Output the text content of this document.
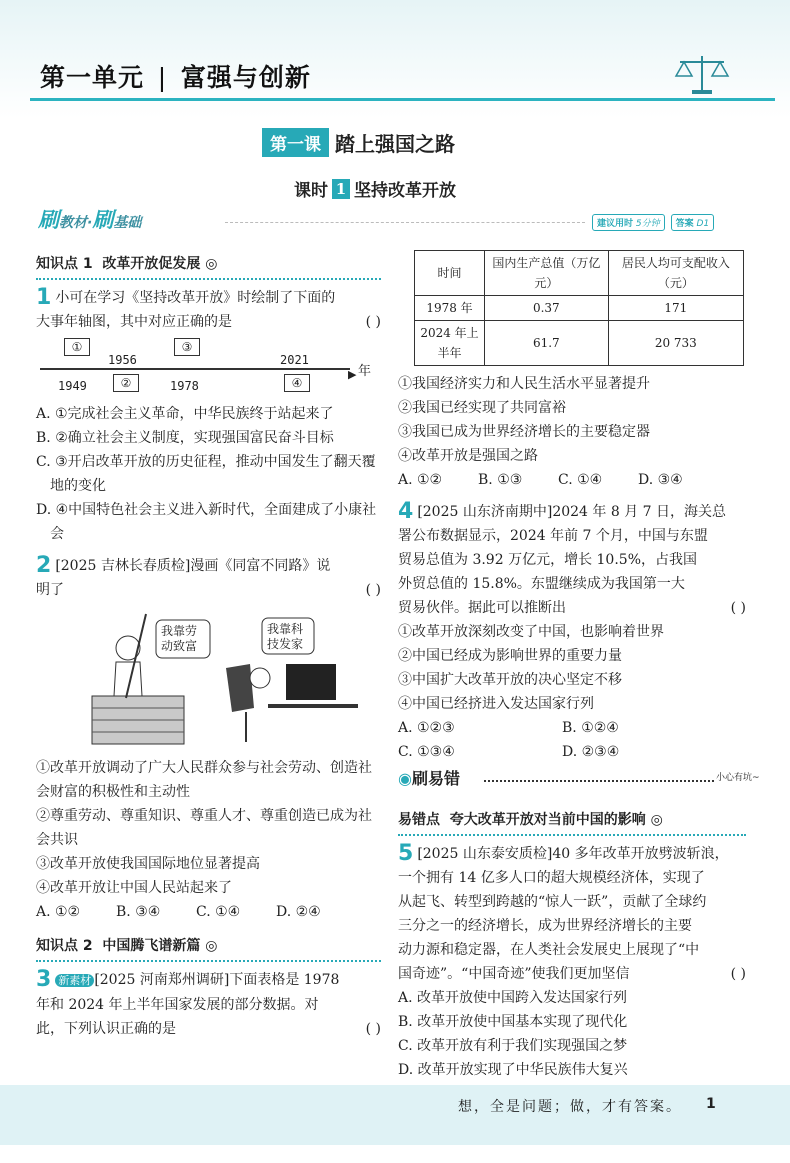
第一单元 | 富强与创新
第一课 踏上强国之路
课时 1 坚持改革开放
刷教材·刷基础	建议用时 5分钟	答案 D1
知识点 1 改革开放促发展 ◎
1 小可在学习《坚持改革开放》时绘制了下面的
大事年轴图，其中对应正确的是	( )
▶ 年
①
②
③
④
1949
1956
1978
2021
A. ①完成社会主义革命，中华民族终于站起来了
B. ②确立社会主义制度，实现强国富民奋斗目标
C. ③开启改革开放的历史征程，推动中国发生了翻天覆地的变化
D. ④中国特色社会主义进入新时代，全面建成了小康社会
2 [2025 吉林长春质检]漫画《同富不同路》说
明了	( )
我靠劳动致富
我靠科技发家
①改革开放调动了广大人民群众参与社会劳动、创造社会财富的积极性和主动性
②尊重劳动、尊重知识、尊重人才、尊重创造已成为社会共识
③改革开放使我国国际地位显著提高
④改革开放让中国人民站起来了
A. ①②	B. ③④	C. ①④	D. ②④
知识点 2 中国腾飞谱新篇 ◎
3 新素材 [2025 河南郑州调研]下面表格是 1978
年和 2024 年上半年国家发展的部分数据。对
此，下列认识正确的是	( )
时间	国内生产总值（万亿元）	居民人均可支配收入（元）
1978 年	0.37	171
2024 年上半年	61.7	20 733
①我国经济实力和人民生活水平显著提升
②我国已经实现了共同富裕
③我国已成为世界经济增长的主要稳定器
④改革开放是强国之路
A. ①②	B. ①③	C. ①④	D. ③④
4 [2025 山东济南期中]2024 年 8 月 7 日，海关总
署公布数据显示，2024 年前 7 个月，中国与东盟
贸易总值为 3.92 万亿元，增长 10.5%，占我国
外贸总值的 15.8%。东盟继续成为我国第一大
贸易伙伴。据此可以推断出	( )
①改革开放深刻改变了中国，也影响着世界
②中国已经成为影响世界的重要力量
③中国扩大改革开放的决心坚定不移
④中国已经挤进入发达国家行列
A. ①②③	B. ①②④
C. ①③④	D. ②③④
◉刷易错	小心有坑~
易错点 夸大改革开放对当前中国的影响 ◎
5 [2025 山东泰安质检]40 多年改革开放劈波斩浪，
一个拥有 14 亿多人口的超大规模经济体，实现了
从起飞、转型到跨越的“惊人一跃”，贡献了全球约
三分之一的经济增长，成为世界经济增长的主要
动力源和稳定器，在人类社会发展史上展现了“中
国奇迹”。“中国奇迹”使我们更加坚信	( )
A. 改革开放使中国跨入发达国家行列
B. 改革开放使中国基本实现了现代化
C. 改革开放有利于我们实现强国之梦
D. 改革开放实现了中华民族伟大复兴
想，全是问题；做，才有答案。 1
